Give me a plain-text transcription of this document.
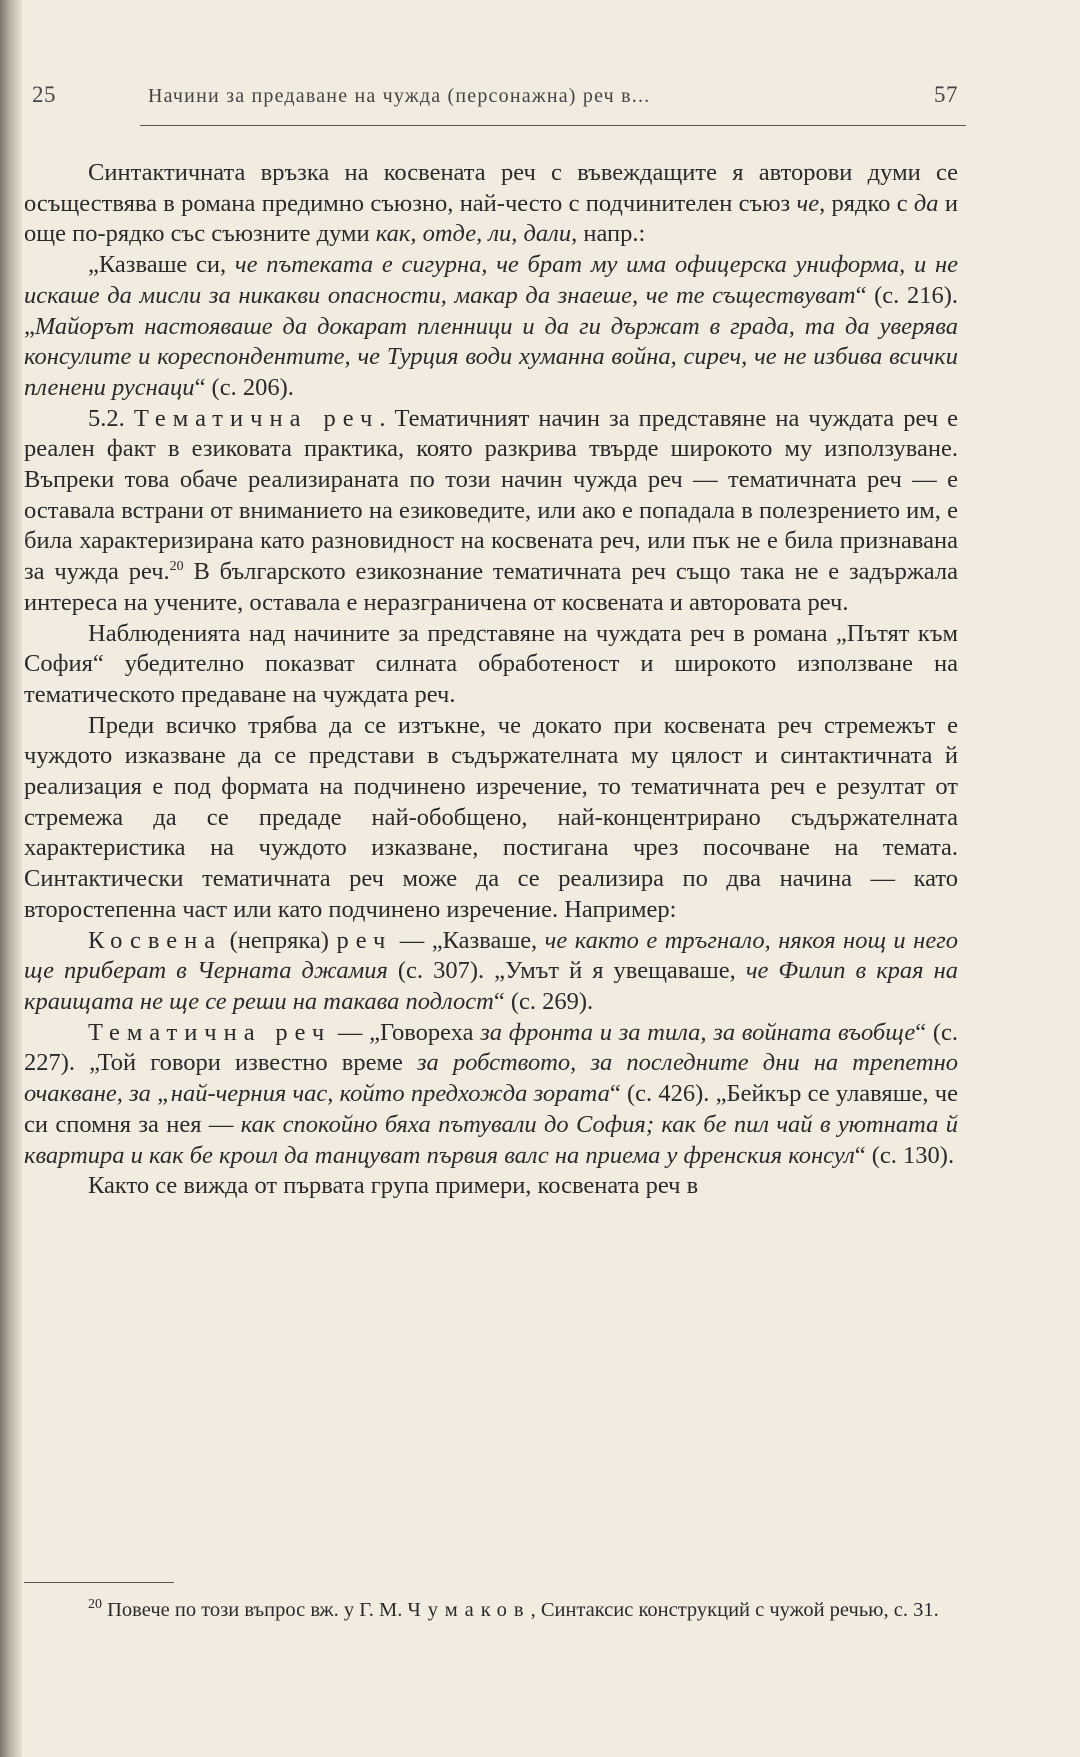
25	Начини за предаване на чужда (персонажна) реч в...	57

Синтактичната връзка на косвената реч с въвеждащите я авторови думи се осъществява в романа предимно съюзно, най-често с подчинителен съюз че, рядко с да и още по-рядко със съюзните думи как, отде, ли, дали, напр.:

„Казваше си, че пътеката е сигурна, че брат му има офицерска униформа, и не искаше да мисли за никакви опасности, макар да знаеше, че те съществуват“ (с. 216). „Майорът настояваше да докарат пленници и да ги държат в града, та да уверява консулите и кореспондентите, че Турция води хуманна война, сиреч, че не избива всички пленени руснаци“ (с. 206).

5.2. Тематична реч. Тематичният начин за представяне на чуждата реч е реален факт в езиковата практика, която разкрива твърде широкото му използуване. Въпреки това обаче реализираната по този начин чужда реч — тематичната реч — е оставала встрани от вниманието на езиковедите, или ако е попадала в полезрението им, е била характеризирана като разновидност на косвената реч, или пък не е била признавана за чужда реч.$^{20}$ В българското езикознание тематичната реч също така не е задържала интереса на учените, оставала е неразграничена от косвената и авторовата реч.

Наблюденията над начините за представяне на чуждата реч в романа „Пътят към София“ убедително показват силната обработеност и широкото използване на тематическото предаване на чуждата реч.

Преди всичко трябва да се изтъкне, че докато при косвената реч стремежът е чуждото изказване да се представи в съдържателната му цялост и синтактичната й реализация е под формата на подчинено изречение, то тематичната реч е резултат от стремежа да се предаде най-обобщено, най-концентрирано съдържателната характеристика на чуждото изказване, постигана чрез посочване на темата. Синтактически тематичната реч може да се реализира по два начина — като второстепенна част или като подчинено изречение. Например:

Косвена (непряка) реч — „Казваше, че както е тръгнало, някоя нощ и него ще приберат в Черната джамия (с. 307). „Умът й я увещаваше, че Филип в края на краищата не ще се реши на такава подлост“ (с. 269).

Тематична реч — „Говореха за фронта и за тила, за войната въобще“ (с. 227). „Той говори известно време за робството, за последните дни на трепетно очакване, за „най-черния час, който предхожда зората“ (с. 426). „Бейкър се улавяше, че си спомня за нея — как спокойно бяха пътували до София; как бе пил чай в уютната й квартира и как бе кроил да танцуват първия валс на приема у френския консул“ (с. 130).

Както се вижда от първата група примери, косвената реч в

$^{20}$ Повече по този въпрос вж. у Г. М. Чумаков, Синтаксис конструкций с чужой речью, с. 31.
